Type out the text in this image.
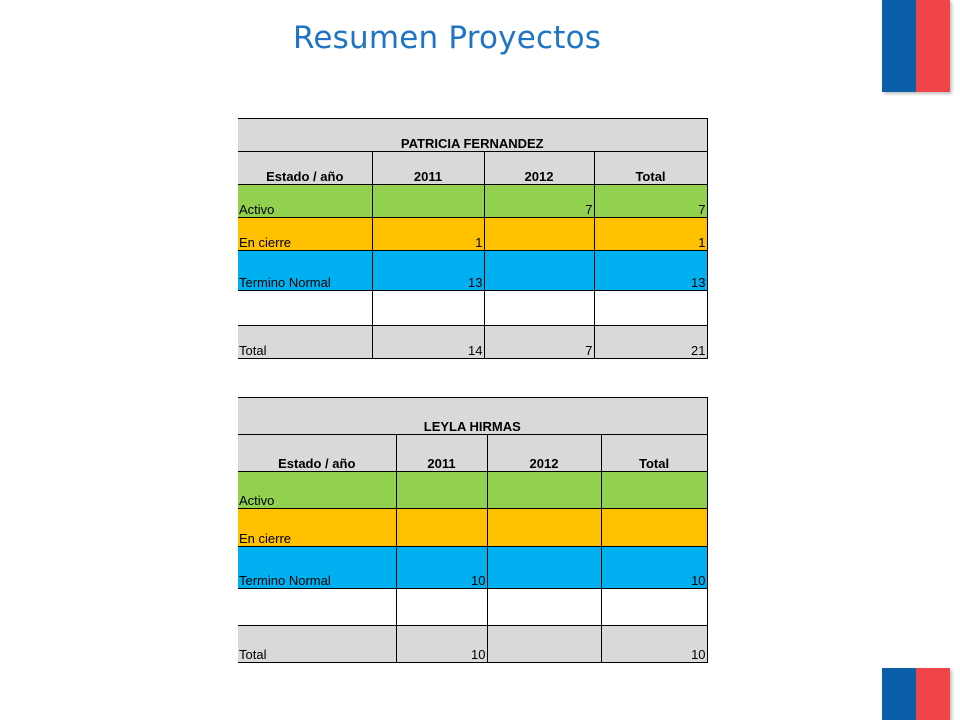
Resumen Proyectos
PATRICIA FERNANDEZ			
Estado / año	2011	2012	Total
Activo		7	7
En cierre	1		1
Termino Normal	13		13

Total	14	7	21
LEYLA HIRMAS			
Estado / año	2011	2012	Total
Activo			
En cierre			
Termino Normal	10		10

Total	10		10
